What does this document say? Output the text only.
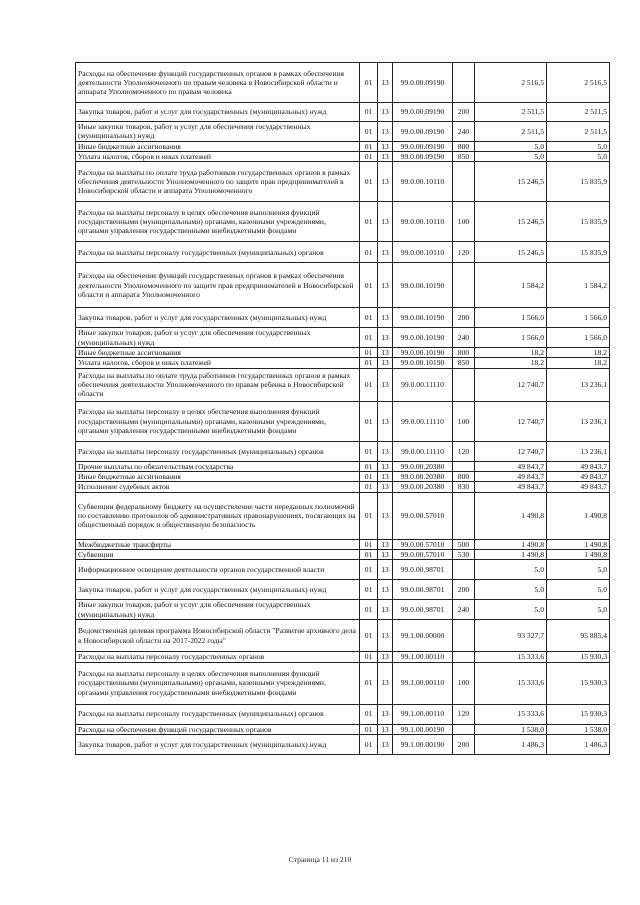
Расходы на обеспечение функций государственных органов в рамках обеспечения деятельности Уполномоченного по правам человека в Новосибирской области и аппарата Уполномоченного по правам человека	01	13	99.0.00.09190		2 516,5	2 516,5
Закупка товаров, работ и услуг для государственных (муниципальных) нужд	01	13	99.0.00.09190	200	2 511,5	2 511,5
Иные закупки товаров, работ и услуг для обеспечения государственных (муниципальных) нужд	01	13	99.0.00.09190	240	2 511,5	2 511,5
Иные бюджетные ассигнования	01	13	99.0.00.09190	800	5,0	5,0
Уплата налогов, сборов и иных платежей	01	13	99.0.00.09190	850	5,0	5,0
Расходы на выплаты по оплате труда работников государственных органов в рамках обеспечения деятельности Уполномоченного по защите прав предпринимателей в Новосибирской области и аппарата Уполномоченного	01	13	99.0.00.10110		15 246,5	15 835,9
Расходы на выплаты персоналу в целях обеспечения выполнения функций государственными (муниципальными) органами, казенными учреждениями, органами управления государственными внебюджетными фондами	01	13	99.0.00.10110	100	15 246,5	15 835,9
Расходы на выплаты персоналу государственных (муниципальных) органов	01	13	99.0.00.10110	120	15 246,5	15 835,9
Расходы на обеспечение функций государственных органов в рамках обеспечения деятельности Уполномоченного по защите прав предпринимателей в Новосибирской области и аппарата Уполномоченного	01	13	99.0.00.10190		1 584,2	1 584,2
Закупка товаров, работ и услуг для государственных (муниципальных) нужд	01	13	99.0.00.10190	200	1 566,0	1 566,0
Иные закупки товаров, работ и услуг для обеспечения государственных (муниципальных) нужд	01	13	99.0.00.10190	240	1 566,0	1 566,0
Иные бюджетные ассигнования	01	13	99.0.00.10190	800	18,2	18,2
Уплата налогов, сборов и иных платежей	01	13	99.0.00.10190	850	18,2	18,2
Расходы на выплаты по оплате труда работников государственных органов в рамках обеспечения деятельности Уполномоченного по правам ребенка в Новосибирской области	01	13	99.0.00.11110		12 740,7	13 236,1
Расходы на выплаты персоналу в целях обеспечения выполнения функций государственными (муниципальными) органами, казенными учреждениями, органами управления государственными внебюджетными фондами	01	13	99.0.00.11110	100	12 740,7	13 236,1
Расходы на выплаты персоналу государственных (муниципальных) органов	01	13	99.0.00.11110	120	12 740,7	13 236,1
Прочие выплаты по обязательствам государства	01	13	99.0.00.20380		49 843,7	49 843,7
Иные бюджетные ассигнования	01	13	99.0.00.20380	800	49 843,7	49 843,7
Исполнение судебных актов	01	13	99.0.00.20380	830	49 843,7	49 843,7
Субвенции федеральному бюджету на осуществление части переданных полномочий по составлению протоколов об административных правонарушениях, посягающих на общественный порядок и общественную безопасность	01	13	99.0.00.57010		1 490,8	1 490,8
Межбюджетные трансферты	01	13	99.0.00.57010	500	1 490,8	1 490,8
Субвенции	01	13	99.0.00.57010	530	1 490,8	1 490,8
Информационное освещение деятельности органов государственной власти	01	13	99.0.00.98701		5,0	5,0
Закупка товаров, работ и услуг для государственных (муниципальных) нужд	01	13	99.0.00.98701	200	5,0	5,0
Иные закупки товаров, работ и услуг для обеспечения государственных (муниципальных) нужд	01	13	99.0.00.98701	240	5,0	5,0
Ведомственная целевая программа Новосибирской области "Развитие архивного дела в Новосибирской области на 2017-2022 годы"	01	13	99.1.00.00000		93 327,7	95 885,4
Расходы на выплаты персоналу государственных органов	01	13	99.1.00.00110		15 333,6	15 930,3
Расходы на выплаты персоналу в целях обеспечения выполнения функций государственными (муниципальными) органами, казенными учреждениями, органами управления государственными внебюджетными фондами	01	13	99.1.00.00110	100	15 333,6	15 930,3
Расходы на выплаты персоналу государственных (муниципальных) органов	01	13	99.1.00.00110	120	15 333,6	15 930,3
Расходы на обеспечение функций государственных органов	01	13	99.1.00.00190		1 538,0	1 538,0
Закупка товаров, работ и услуг для государственных (муниципальных) нужд	01	13	99.1.00.00190	200	1 486,3	1 486,3
Страница 11 из 210
